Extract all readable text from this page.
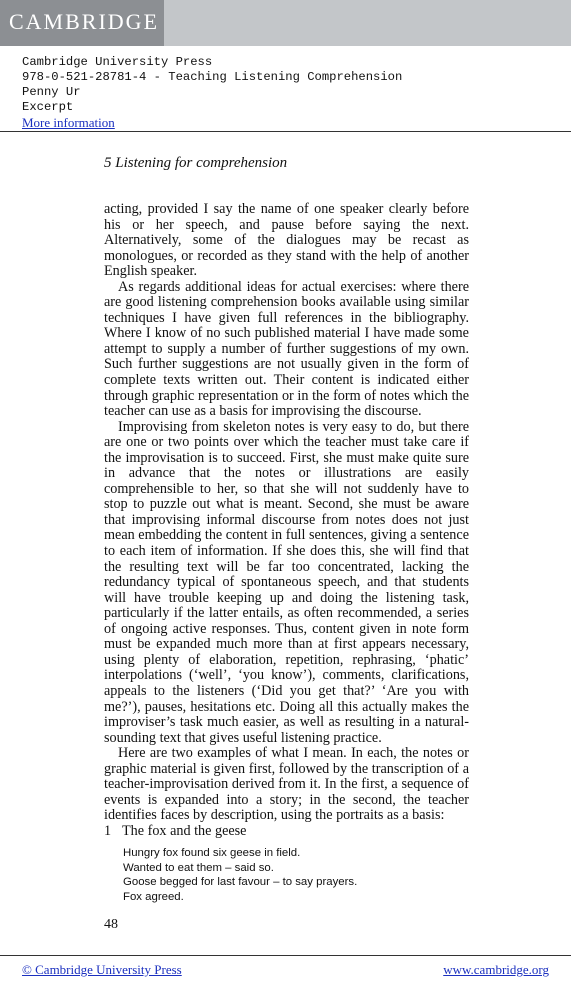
CAMBRIDGE
Cambridge University Press
978-0-521-28781-4 - Teaching Listening Comprehension
Penny Ur
Excerpt
More information
5 Listening for comprehension

acting, provided I say the name of one speaker clearly before his or her speech, and pause before saying the next. Alternatively, some of the dialogues may be recast as monologues, or recorded as they stand with the help of another English speaker.

As regards additional ideas for actual exercises: where there are good listening comprehension books available using similar techniques I have given full references in the bibliography. Where I know of no such published material I have made some attempt to supply a number of further suggestions of my own. Such further suggestions are not usually given in the form of complete texts written out. Their content is indicated either through graphic representation or in the form of notes which the teacher can use as a basis for improvising the discourse.

Improvising from skeleton notes is very easy to do, but there are one or two points over which the teacher must take care if the improvisation is to succeed. First, she must make quite sure in advance that the notes or illustrations are easily comprehensible to her, so that she will not suddenly have to stop to puzzle out what is meant. Second, she must be aware that improvising informal discourse from notes does not just mean embedding the content in full sentences, giving a sentence to each item of information. If she does this, she will find that the resulting text will be far too concentrated, lacking the redundancy typical of spontaneous speech, and that students will have trouble keeping up and doing the listening task, particularly if the latter entails, as often recommended, a series of ongoing active responses. Thus, content given in note form must be expanded much more than at first appears necessary, using plenty of elaboration, repetition, rephrasing, ‘phatic’ interpolations (‘well’, ‘you know’), comments, clarifications, appeals to the listeners (‘Did you get that?’ ‘Are you with me?’), pauses, hesitations etc. Doing all this actually makes the improviser’s task much easier, as well as resulting in a natural-sounding text that gives useful listening practice.

Here are two examples of what I mean. In each, the notes or graphic material is given first, followed by the transcription of a teacher-improvisation derived from it. In the first, a sequence of events is expanded into a story; in the second, the teacher identifies faces by description, using the portraits as a basis:

1 The fox and the geese
Hungry fox found six geese in field.
Wanted to eat them – said so.
Goose begged for last favour – to say prayers.
Fox agreed.
48
© Cambridge University Press	www.cambridge.org
